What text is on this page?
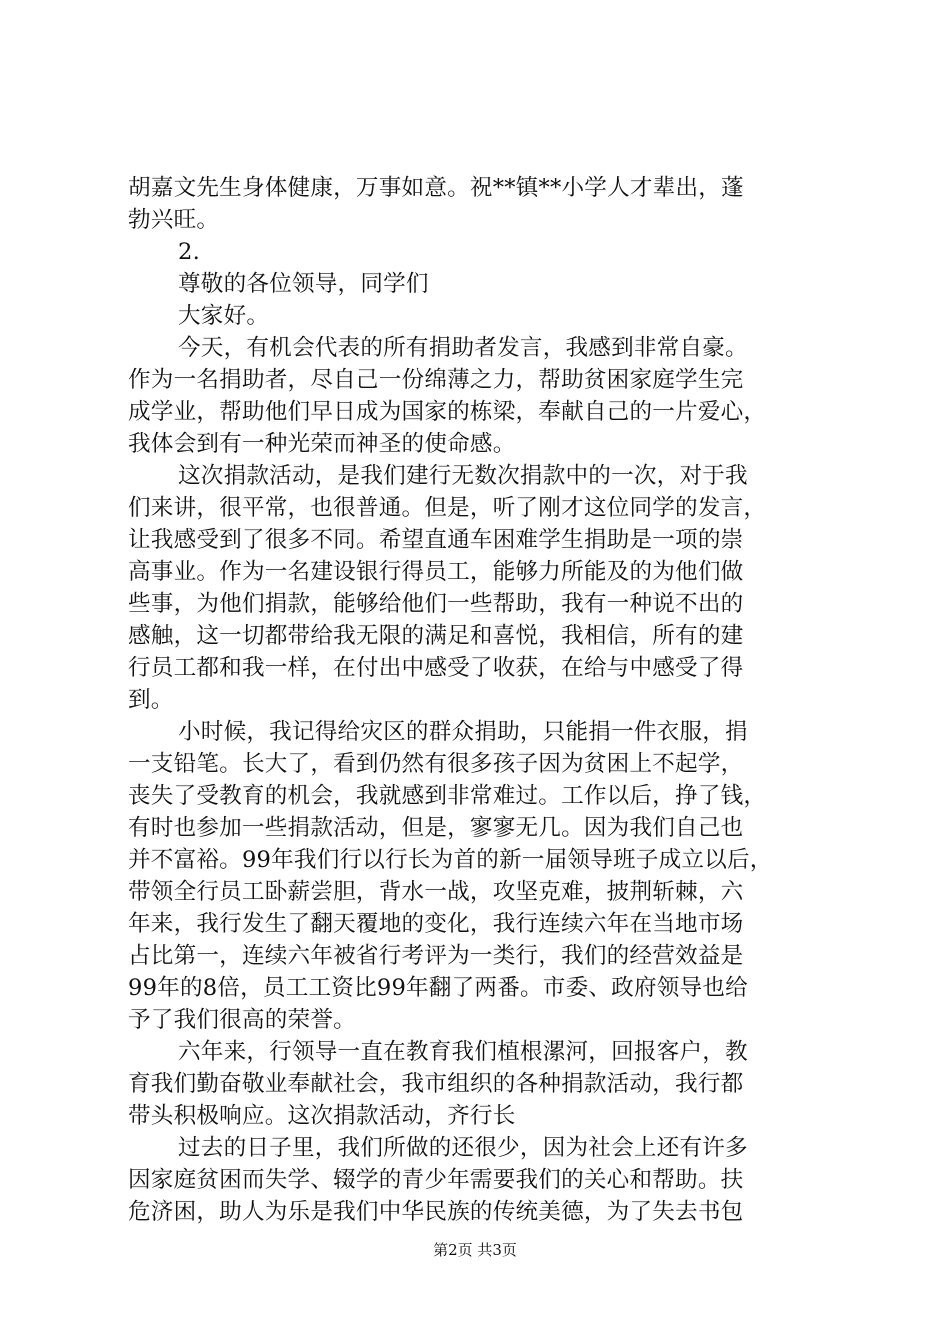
胡嘉文先生身体健康，万事如意。祝**镇**小学人才辈出，蓬
勃兴旺。
2.
尊敬的各位领导，同学们
大家好。
今天，有机会代表的所有捐助者发言，我感到非常自豪。
作为一名捐助者，尽自己一份绵薄之力，帮助贫困家庭学生完
成学业，帮助他们早日成为国家的栋梁，奉献自己的一片爱心，
我体会到有一种光荣而神圣的使命感。
这次捐款活动，是我们建行无数次捐款中的一次，对于我
们来讲，很平常，也很普通。但是，听了刚才这位同学的发言，
让我感受到了很多不同。希望直通车困难学生捐助是一项的崇
高事业。作为一名建设银行得员工，能够力所能及的为他们做
些事，为他们捐款，能够给他们一些帮助，我有一种说不出的
感触，这一切都带给我无限的满足和喜悦，我相信，所有的建
行员工都和我一样，在付出中感受了收获，在给与中感受了得
到。
小时候，我记得给灾区的群众捐助，只能捐一件衣服，捐
一支铅笔。长大了，看到仍然有很多孩子因为贫困上不起学，
丧失了受教育的机会，我就感到非常难过。工作以后，挣了钱，
有时也参加一些捐款活动，但是，寥寥无几。因为我们自己也
并不富裕。99年我们行以行长为首的新一届领导班子成立以后，
带领全行员工卧薪尝胆，背水一战，攻坚克难，披荆斩棘，六
年来，我行发生了翻天覆地的变化，我行连续六年在当地市场
占比第一，连续六年被省行考评为一类行，我们的经营效益是
99年的8倍，员工工资比99年翻了两番。市委、政府领导也给
予了我们很高的荣誉。
六年来，行领导一直在教育我们植根漯河，回报客户，教
育我们勤奋敬业奉献社会，我市组织的各种捐款活动，我行都
带头积极响应。这次捐款活动，齐行长
过去的日子里，我们所做的还很少，因为社会上还有许多
因家庭贫困而失学、辍学的青少年需要我们的关心和帮助。扶
危济困，助人为乐是我们中华民族的传统美德，为了失去书包
第2页 共3页
